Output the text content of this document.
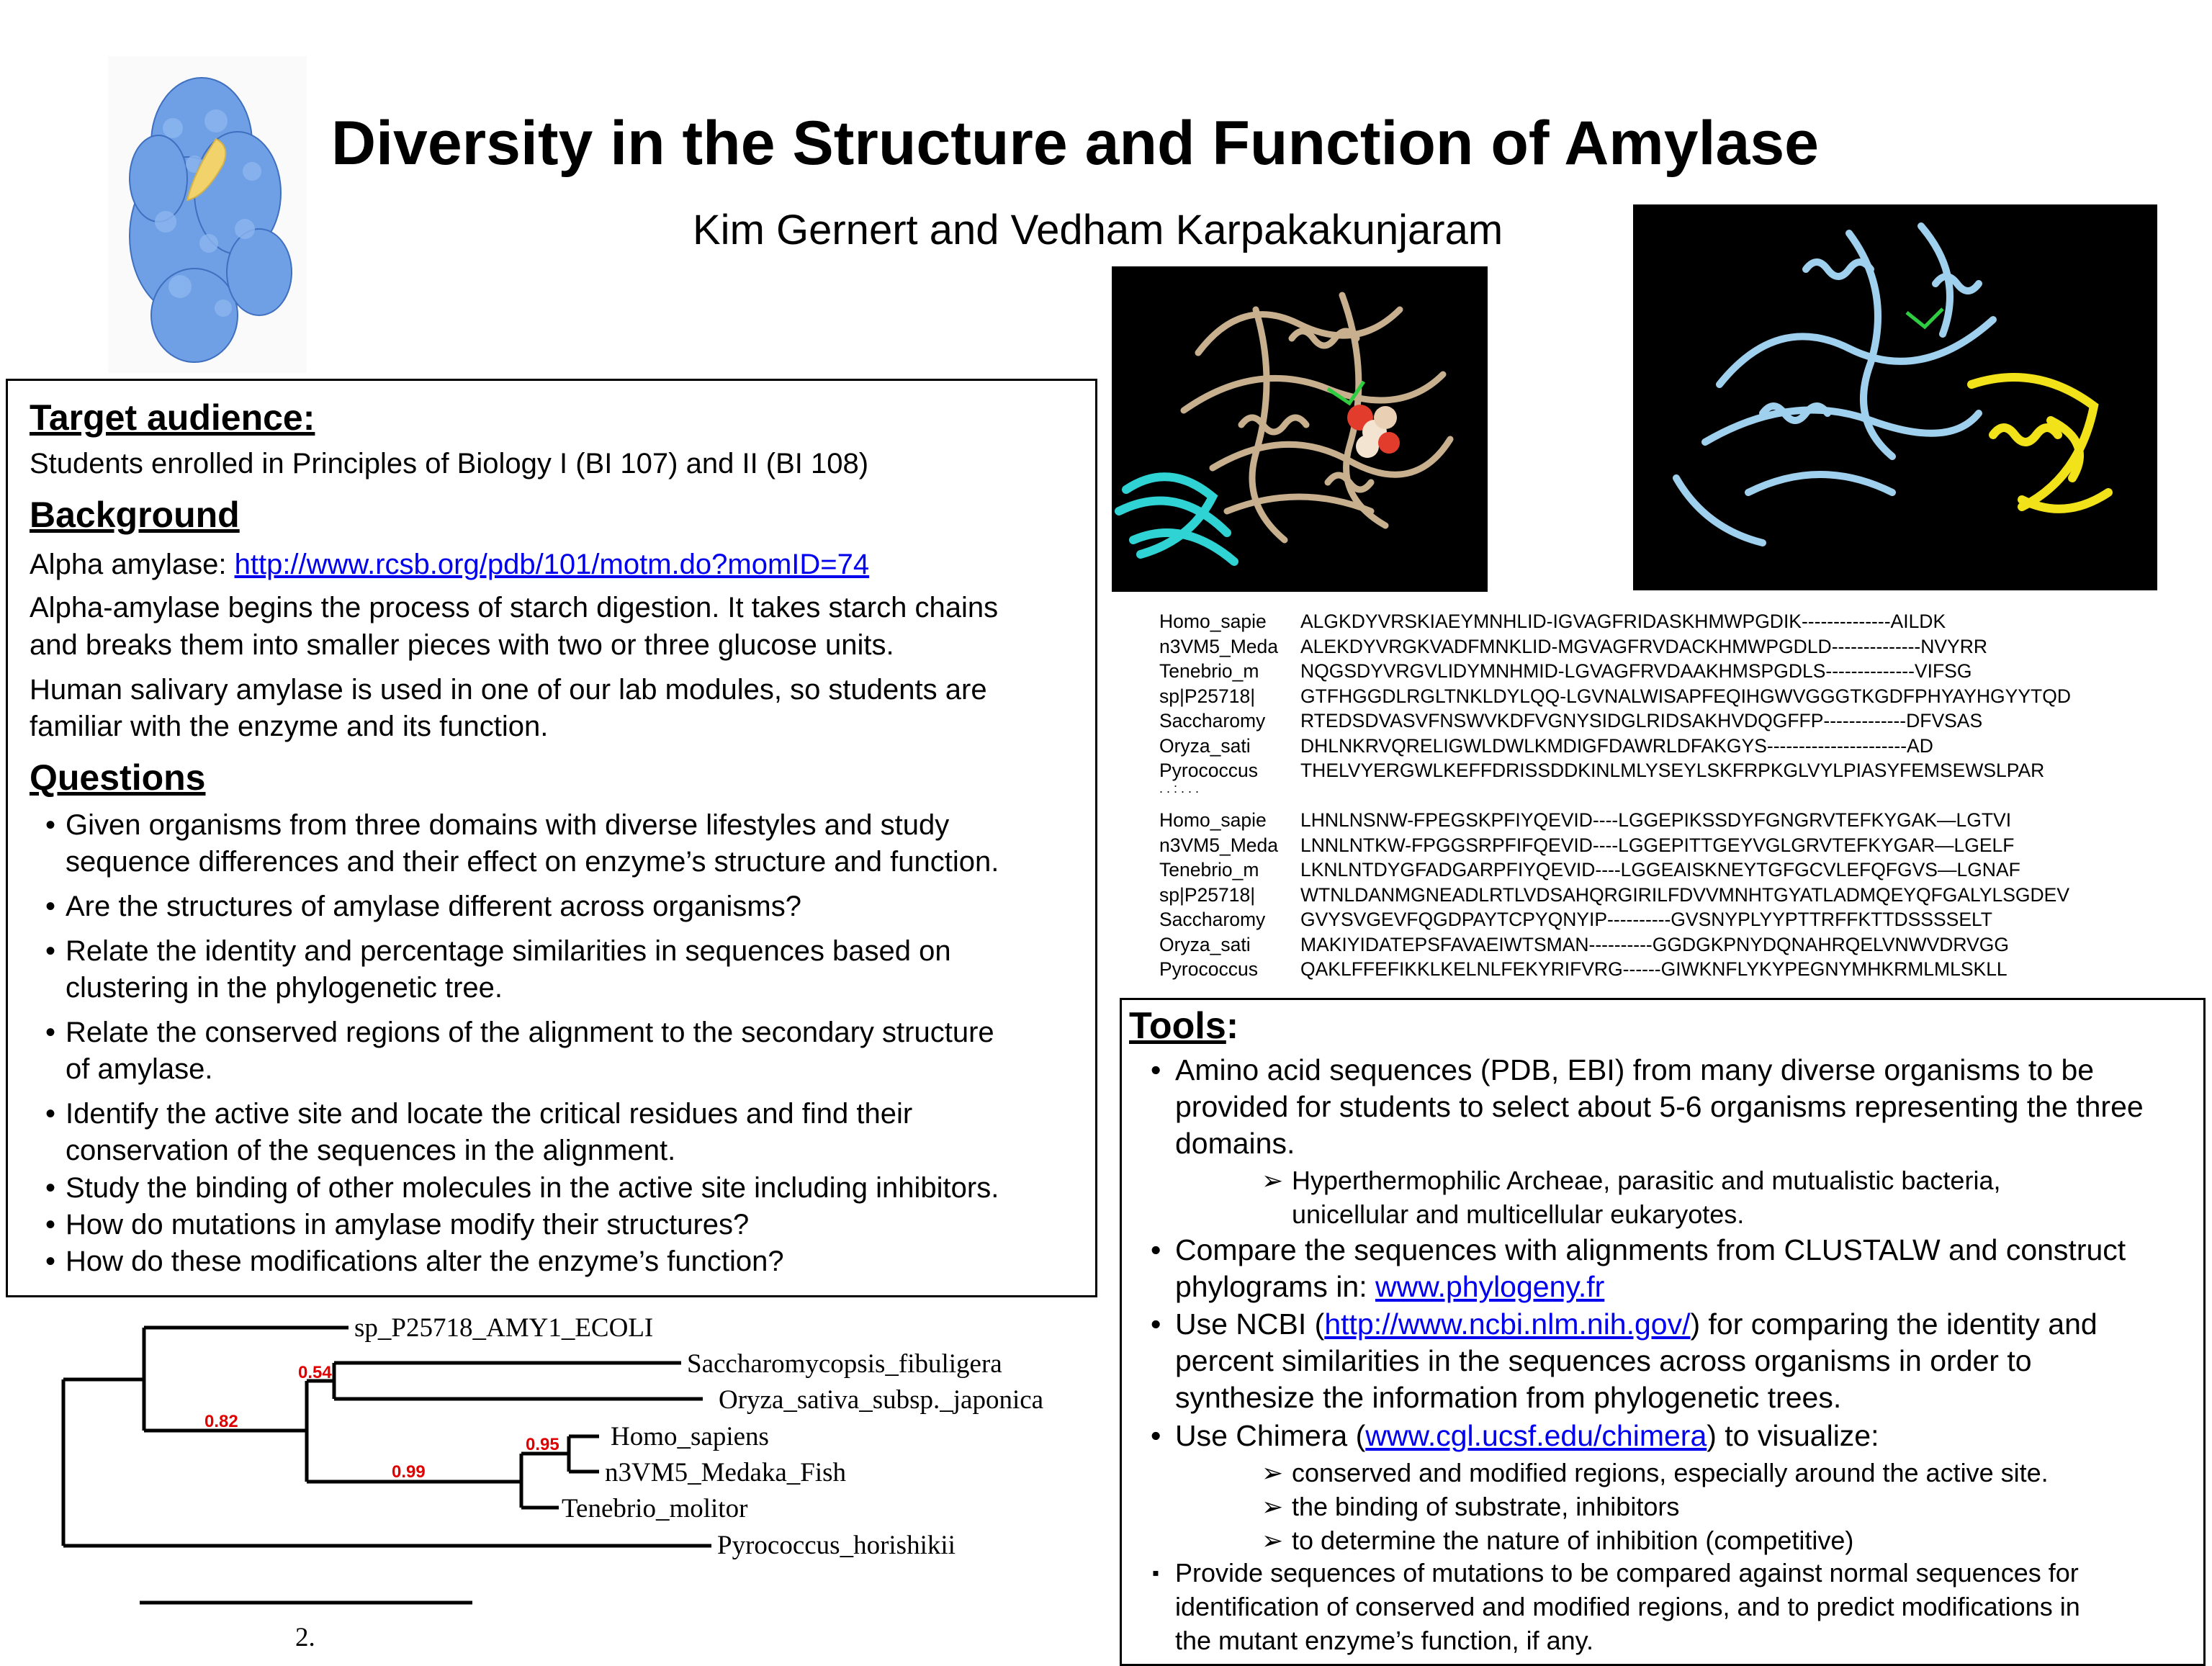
Diversity in the Structure and Function of Amylase
Kim Gernert and Vedham Karpakakunjaram
Target audience:
Students enrolled in Principles of Biology I (BI 107) and II (BI 108)
Background
Alpha amylase: http://www.rcsb.org/pdb/101/motm.do?momID=74
Alpha-amylase begins the process of starch digestion. It takes starch chains
and breaks them into smaller pieces with two or three glucose units.
Human salivary amylase is used in one of our lab modules, so students are
familiar with the enzyme and its function.
Questions
• Given organisms from three domains with diverse lifestyles and study
sequence differences and their effect on enzyme’s structure and function.
• Are the structures of amylase different across organisms?
• Relate the identity and percentage similarities in sequences based on
clustering in the phylogenetic tree.
• Relate the conserved regions of the alignment to the secondary structure
of amylase.
• Identify the active site and locate the critical residues and find their
conservation of the sequences in the alignment.
• Study the binding of other molecules in the active site including inhibitors.
• How do mutations in amylase modify their structures?
• How do these modifications alter the enzyme’s function?
Homo_sapie ALGKDYVRSKIAEYMNHLID-IGVAGFRIDASKHMWPGDIK--------------AILDK
n3VM5_Meda ALEKDYVRGKVADFMNKLID-MGVAGFRVDACKHMWPGDLD--------------NVYRR
Tenebrio_m NQGSDYVRGVLIDYMNHMID-LGVAGFRVDAAKHMSPGDLS--------------VIFSG
sp|P25718| GTFHGGDLRGLTNKLDYLQQ-LGVNALWISAPFEQIHGWVGGGTKGDFPHYAYHGYYTQD
Saccharomy RTEDSDVASVFNSWVKDFVGNYSIDGLRIDSAKHVDQGFFP-------------DFVSAS
Oryza_sati	DHLNKRVQRELIGWLDWLKMDIGFDAWRLDFAKGYS----------------------AD
Pyrococcus THELVYERGWLKEFFDRISSDDKINLMLYSEYLSKFRPKGLVYLPIASYFEMSEWSLPAR
. . : . . .
Homo_sapie LHNLNSNW-FPEGSKPFIYQEVID----LGGEPIKSSDYFGNGRVTEFKYGAK—LGTVI
n3VM5_Meda LNNLNTKW-FPGGSRPFIFQEVID----LGGEPITTGEYVGLGRVTEFKYGAR—LGELF
Tenebrio_m LKNLNTDYGFADGARPFIYQEVID----LGGEAISKNEYTGFGCVLEFQFGVS—LGNAF
sp|P25718| WTNLDANMGNEADLRTLVDSAHQRGIRILFDVVMNHTGYATLADMQEYQFGALYLSGDEV
Saccharomy GVYSVGEVFQGDPAYTCPYQNYIP----------GVSNYPLYYPTTRFFKTTDSSSSELT
Oryza_sati	MAKIYIDATEPSFAVAEIWTSMAN----------GGDGKPNYDQNAHRQELVNWVDRVGG
Pyrococcus QAKLFFEFIKKLKELNLFEKYRIFVRG------GIWKNFLYKYPEGNYMHKRMLMLSKLL
Tools:
• Amino acid sequences (PDB, EBI) from many diverse organisms to be
provided for students to select about 5-6 organisms representing the three
domains.
➢ Hyperthermophilic Archeae, parasitic and mutualistic bacteria,
unicellular and multicellular eukaryotes.
• Compare the sequences with alignments from CLUSTALW and construct
phylograms in: www.phylogeny.fr
• Use NCBI (http://www.ncbi.nlm.nih.gov/) for comparing the identity and
percent similarities in the sequences across organisms in order to
synthesize the information from phylogenetic trees.
• Use Chimera (www.cgl.ucsf.edu/chimera) to visualize:
➢ conserved and modified regions, especially around the active site.
➢ the binding of substrate, inhibitors
➢ to determine the nature of inhibition (competitive)
▪ Provide sequences of mutations to be compared against normal sequences for
identification of conserved and modified regions, and to predict modifications in
the mutant enzyme’s function, if any.
sp_P25718_AMY1_ECOLI
Saccharomycopsis_fibuligera
Oryza_sativa_subsp._japonica
Homo_sapiens
n3VM5_Medaka_Fish
Tenebrio_molitor
Pyrococcus_horishikii
0.54
0.82
0.99
0.95
2.
